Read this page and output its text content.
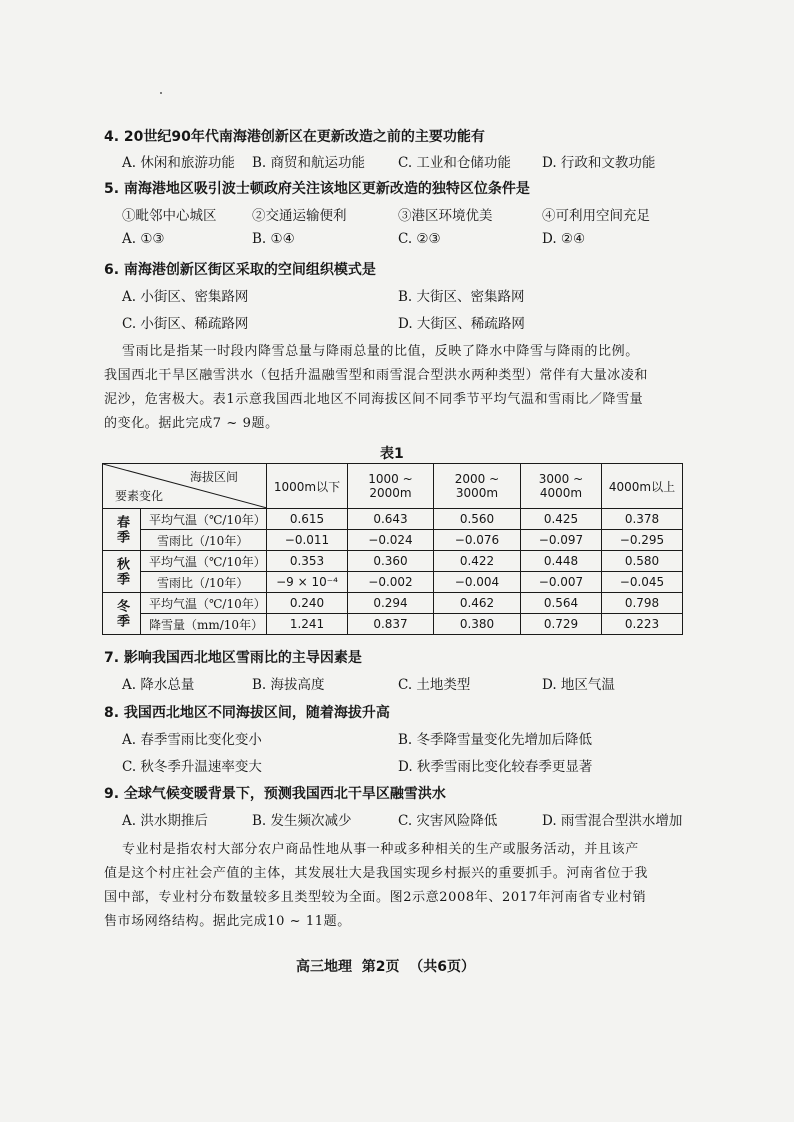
4. 20世纪90年代南海港创新区在更新改造之前的主要功能有
A. 休闲和旅游功能 B. 商贸和航运功能 C. 工业和仓储功能 D. 行政和文教功能
5. 南海港地区吸引波士顿政府关注该地区更新改造的独特区位条件是
①毗邻中心城区	②交通运输便利	③港区环境优美	④可利用空间充足
A. ①③	B. ①④	C. ②③	D. ②④
6. 南海港创新区街区采取的空间组织模式是
A. 小街区、密集路网	B. 大街区、密集路网
C. 小街区、稀疏路网	D. 大街区、稀疏路网
雪雨比是指某一时段内降雪总量与降雨总量的比值，反映了降水中降雪与降雨的比例。
我国西北干旱区融雪洪水（包括升温融雪型和雨雪混合型洪水两种类型）常伴有大量冰凌和
泥沙，危害极大。表1示意我国西北地区不同海拔区间不同季节平均气温和雪雨比／降雪量
的变化。据此完成7 ~ 9题。
表1
海拔区间
要素变化		1000m以下	1000 ~ 2000m	2000 ~ 3000m	3000 ~ 4000m	4000m以上
春季	平均气温（℃/10年）	0.615	0.643	0.560	0.425	0.378
	雪雨比（/10年）	−0.011	−0.024	−0.076	−0.097	−0.295
秋季	平均气温（℃/10年）	0.353	0.360	0.422	0.448	0.580
	雪雨比（/10年）	−9 × 10⁻⁴	−0.002	−0.004	−0.007	−0.045
冬季	平均气温（℃/10年）	0.240	0.294	0.462	0.564	0.798
	降雪量（mm/10年）	1.241	0.837	0.380	0.729	0.223
7. 影响我国西北地区雪雨比的主导因素是
A. 降水总量	B. 海拔高度	C. 土地类型	D. 地区气温
8. 我国西北地区不同海拔区间，随着海拔升高
A. 春季雪雨比变化变小	B. 冬季降雪量变化先增加后降低
C. 秋冬季升温速率变大	D. 秋季雪雨比变化较春季更显著
9. 全球气候变暖背景下，预测我国西北干旱区融雪洪水
A. 洪水期推后	B. 发生频次减少	C. 灾害风险降低	D. 雨雪混合型洪水增加
专业村是指农村大部分农户商品性地从事一种或多种相关的生产或服务活动，并且该产
值是这个村庄社会产值的主体，其发展壮大是我国实现乡村振兴的重要抓手。河南省位于我
国中部，专业村分布数量较多且类型较为全面。图2示意2008年、2017年河南省专业村销
售市场网络结构。据此完成10 ~ 11题。
高三地理  第2页  （共6页）
